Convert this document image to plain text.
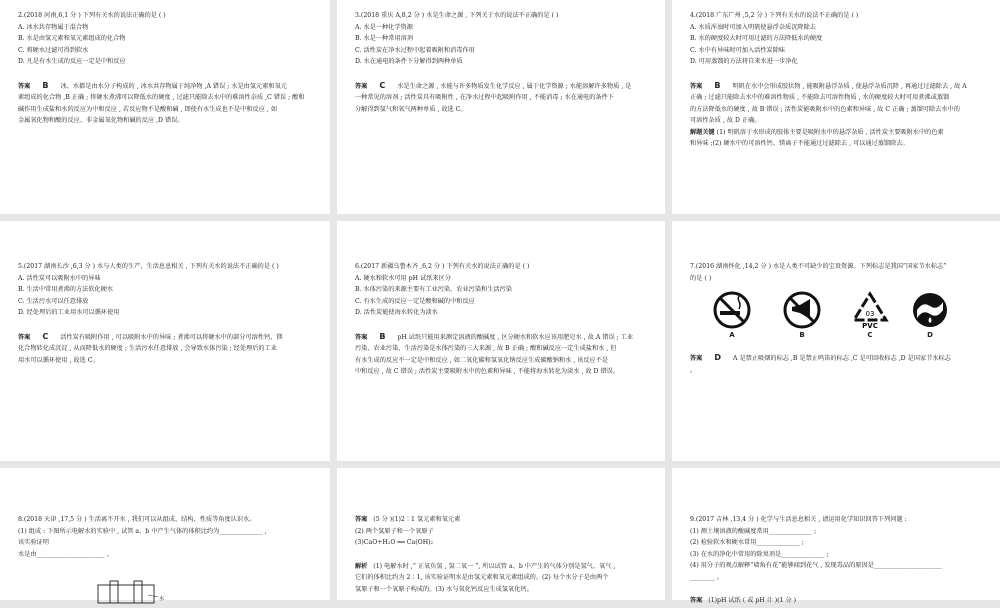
2.(2018 河南,6,1 分 ) 下列有关水的说法正确的是 ( )

A. 冰水共存物属于混合物

B. 水是由氢元素和氧元素组成的化合物

C. 将硬水过滤可得到软水

D. 凡是有水生成的反应一定是中和反应

答案 B 冰、水都是由水分子构成的 , 冰水共存物属于纯净物 ,A 错误 ; 水是由氢元素和氧元

素组成的化合物 ,B 正确 ; 将硬水煮沸可以降低水的硬度 , 过滤只能除去水中的难溶性杂质 ,C 错误 ; 酸和

碱作用生成盐和水的反应为中和反应 , 若反应物不是酸和碱 , 即使有水生成也不是中和反应 , 如

金属氧化物和酸的反应、非金属氧化物和碱的反应 ,D 错误。

3.(2018 重庆 A,8,2 分 ) 水是生命之源 , 下列关于水的说法不正确的是 ( )

A. 水是一种化学资源

B. 水是一种常用溶剂

C. 活性炭在净水过程中起着吸附和消毒作用

D. 水在通电的条件下分解得到两种单质

答案 C 水是生命之源 , 水能与许多物质发生化学反应 , 属于化学资源 ; 水能溶解许多物质 , 是

一种常见的溶剂 ; 活性炭具有吸附性 , 在净水过程中起吸附作用 , 不能消毒 ; 水在通电的条件下

分解得到氢气和氧气两种单质 , 故选 C。

4.(2018 广东广州 ,5,2 分 ) 下列有关水的说法不正确的是 ( )

A. 水质浑浊时可加入明矾使悬浮杂质沉降除去

B. 水的硬度较大时可用过滤的方法降低水的硬度

C. 水中有异味时可加入活性炭除味

D. 可用蒸馏的方法将自来水进一步净化

答案 B 明矾在水中会形成胶状物 , 能吸附悬浮杂质 , 使悬浮杂质沉降 , 再通过过滤除去 , 故 A

正确 ; 过滤只能除去水中的难溶性物质 , 不能除去可溶性物质 , 水的硬度较大时可用煮沸或蒸馏

的方法降低水的硬度 , 故 B 错误 ; 活性炭能吸附水中的色素和异味 , 故 C 正确 ; 蒸馏可除去水中的

可溶性杂质 , 故 D 正确。

解题关键 (1) 明矾溶于水形成的胶体主要是吸附水中的悬浮杂质 , 活性炭主要吸附水中的色素

和异味 ;(2) 硬水中的可溶性钙、镁离子不能通过过滤除去 , 可以通过蒸馏除去。

5.(2017 湖南长沙 ,6,3 分 ) 水与人类的生产、生活息息相关 , 下列有关水的说法不正确的是 ( )

A. 活性炭可以吸附水中的异味

B. 生活中常用煮沸的方法软化硬水

C. 生活污水可以任意排放

D. 经处理后的工业用水可以循环使用

答案 C 活性炭有吸附作用 , 可以吸附水中的异味 ; 煮沸可以将硬水中的部分可溶性钙、镁

化合物转化成沉淀 , 从而降低水的硬度 ; 生活污水任意排放 , 会导致水体污染 ; 经处理后的工业

用水可以循环使用 , 故选 C。

6.(2017 新疆乌鲁木齐 ,6,2 分 ) 下列有关水的说法正确的是 ( )

A. 硬水和软水可用 pH 试纸来区分

B. 水体污染的来源主要有工业污染、农业污染和生活污染

C. 有水生成的反应一定是酸和碱的中和反应

D. 活性炭能使海水转化为淡水

答案 B pH 试纸只能用来测定溶液的酸碱度 , 区分硬水和软水应该用肥皂水 , 故 A 错误 ; 工业

污染、农业污染、生活污染是水体污染的三大来源 , 故 B 正确 ; 酸和碱反应一定生成盐和水 , 但

有水生成的反应不一定是中和反应 , 如二氧化碳和氢氧化钠反应生成碳酸钠和水 , 该反应不是

中和反应 , 故 C 错误 ; 活性炭主要吸附水中的色素和异味 , 不能将海水转化为淡水 , 故 D 错误。

7.(2016 湖南怀化 ,14,2 分 ) 水是人类不可缺少的宝贵资源。下列标志是我国“国家节水标志”

的是 ( )

A	B
03
PVC
C	D

答案 D A 是禁止吸烟的标志 ,B 是禁止鸣笛的标志 ,C 是可回收标志 ,D 是国家节水标志

。

8.(2018 天津 ,17,5 分 ) 生活离不开水 , 我们可以从组成、结构、性质等角度认识水。

(1) 组成 : 下图所示电解水的实验中 , 试管 a、b 中产生气体的体积比约为______________ ,

该实验证明

水是由______________________ 。

水

答案 (5 分 )(1)2∶1 氢元素和氧元素

(2) 两个氢原子和一个氧原子

(3)CaO+H₂O ══ Ca(OH)₂

解析 (1) 电解水时 ,“ 正氧负氢 , 氢二氧一 ”, 所以试管 a、b 中产生的气体分别是氢气、氧气 ,

它们的体积比约为 2∶1, 该实验证明水是由氢元素和氧元素组成的。(2) 每个水分子是由两个

氢原子和一个氧原子构成的。(3) 水与氧化钙反应生成氢氧化钙。

9.(2017 吉林 ,13,4 分 ) 化学与生活息息相关 , 请运用化学知识回答下列问题 :

(1) 测土壤溶液的酸碱度常用______________ ;

(2) 检验软水和硬水常用______________ ;

(3) 在水的净化中常用的除臭剂是______________ ;

(4) 用分子的观点解释“墙角有花”能够闻到花气 , 发现毒品的原因是______________________

________ 。

答案 (1)pH 试纸 ( 或 pH 计 )(1 分 )
